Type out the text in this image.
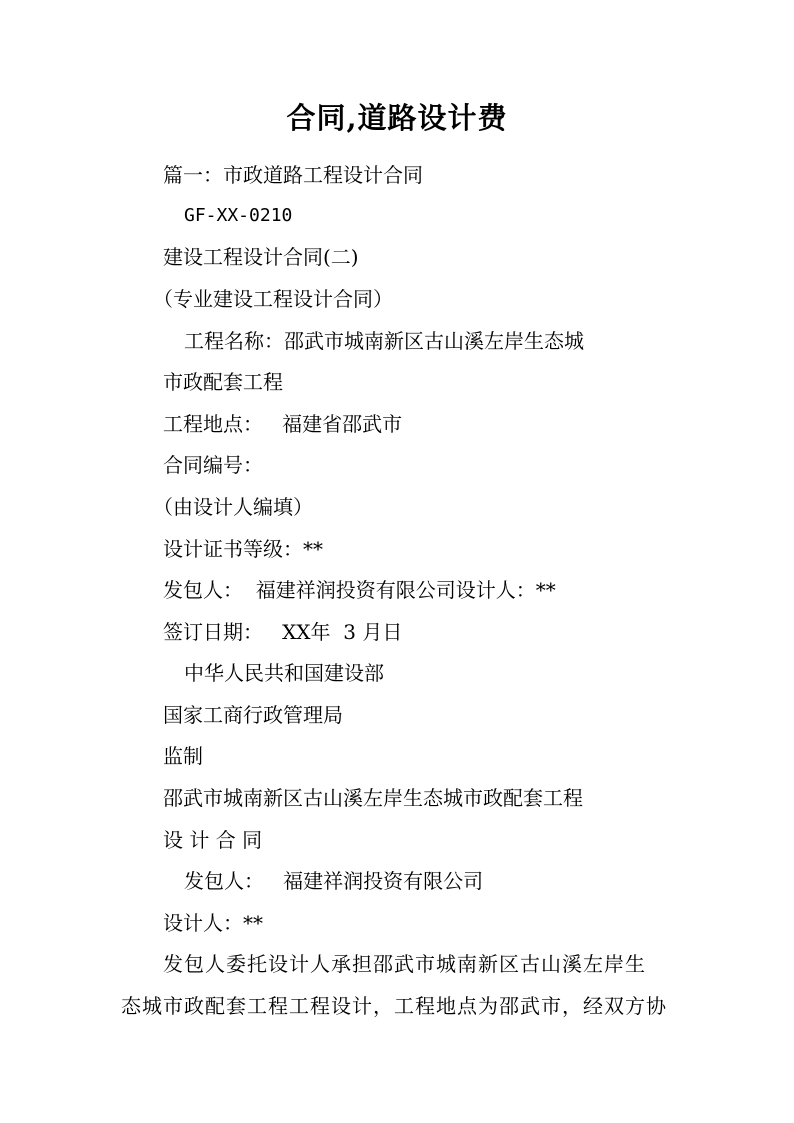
合同,道路设计费
篇一：市政道路工程设计合同
GF-XX-0210
建设工程设计合同(二)
（专业建设工程设计合同）
工程名称：邵武市城南新区古山溪左岸生态城
市政配套工程
工程地点：   福建省邵武市
合同编号：
（由设计人编填）
设计证书等级：**
发包人：  福建祥润投资有限公司设计人：**
签订日期：   XX年  3 月日
中华人民共和国建设部
国家工商行政管理局
监制
邵武市城南新区古山溪左岸生态城市政配套工程
设 计 合 同
发包人：   福建祥润投资有限公司
设计人：**
发包人委托设计人承担邵武市城南新区古山溪左岸生
态城市政配套工程工程设计，工程地点为邵武市，经双方协
